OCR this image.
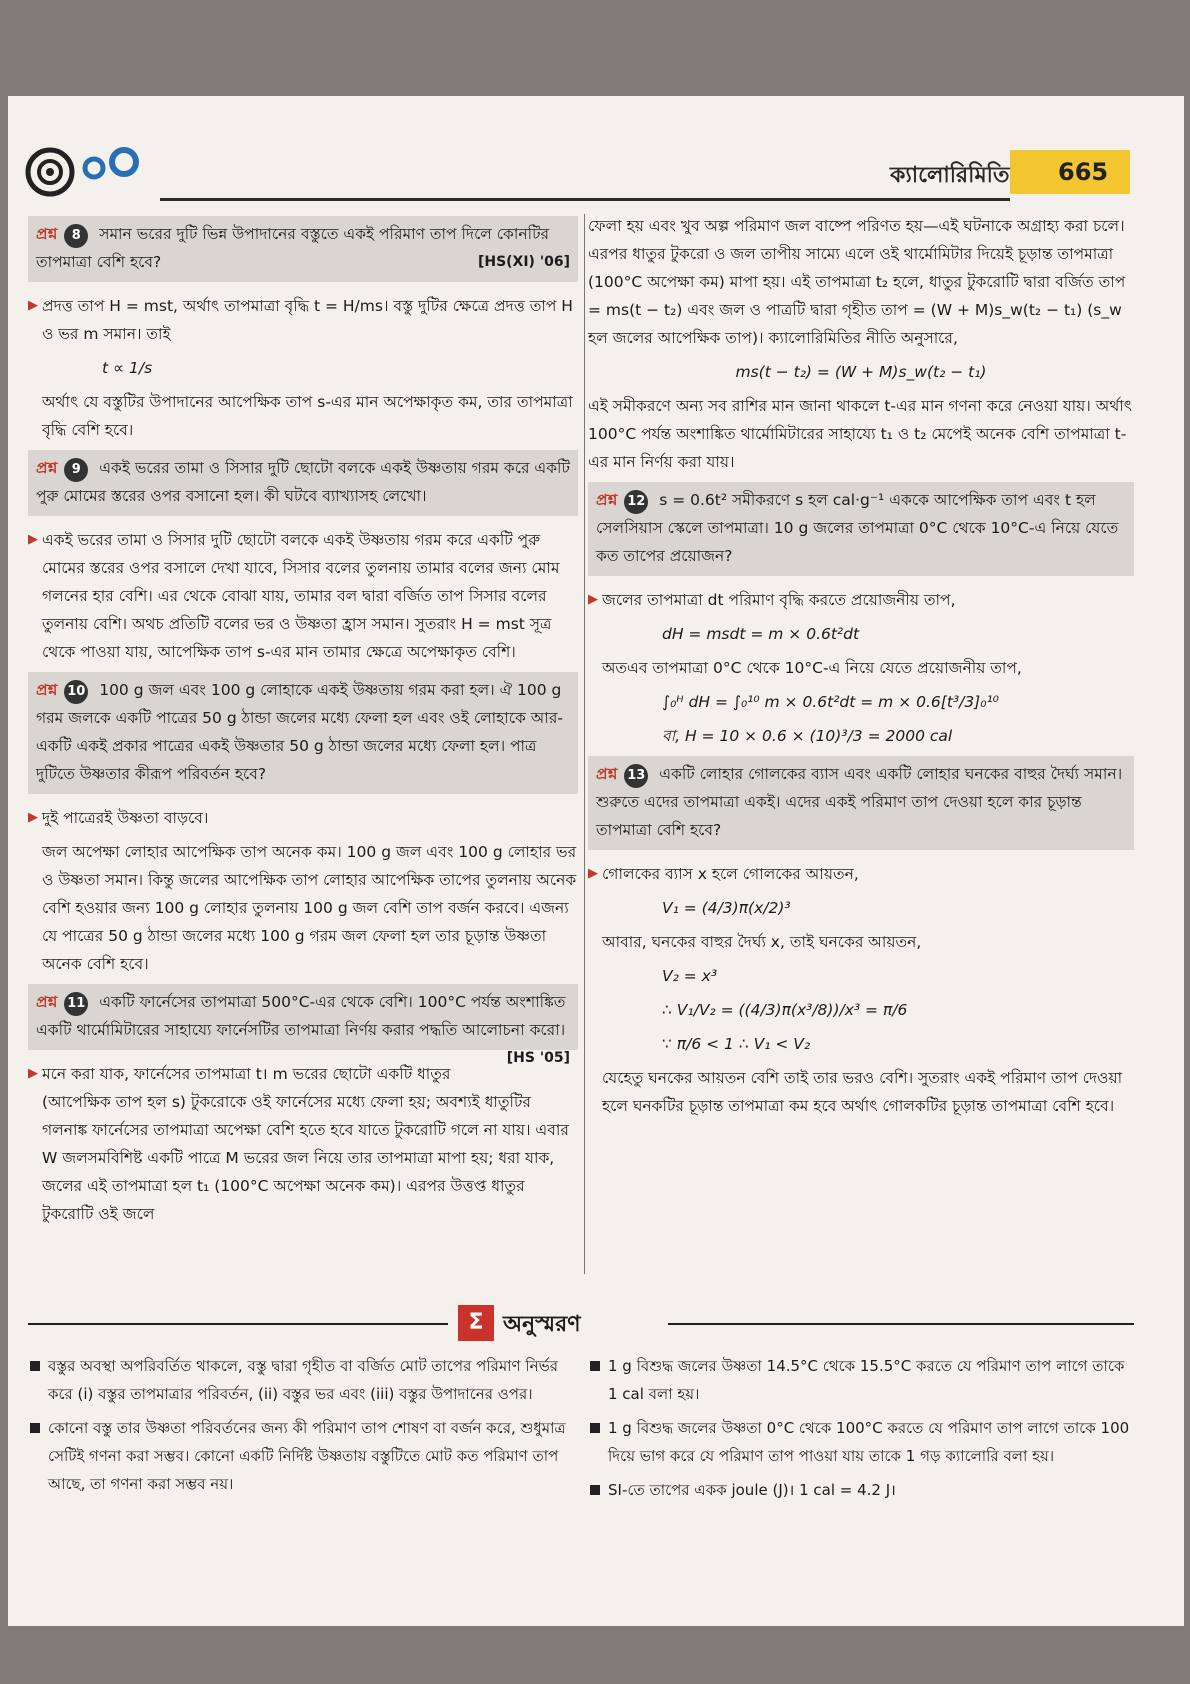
ক্যালোরিমিতি 665
প্রশ্ন 8 সমান ভরের দুটি ভিন্ন উপাদানের বস্তুতে একই পরিমাণ তাপ দিলে কোনটির তাপমাত্রা বেশি হবে?	[HS(XI) '06]
▶ প্রদত্ত তাপ H = mst, অর্থাৎ তাপমাত্রা বৃদ্ধি t = H/ms। বস্তু দুটির ক্ষেত্রে প্রদত্ত তাপ H ও ভর m সমান। তাই

t ∝ 1/s

অর্থাৎ যে বস্তুটির উপাদানের আপেক্ষিক তাপ s-এর মান অপেক্ষাকৃত কম, তার তাপমাত্রা বৃদ্ধি বেশি হবে।

প্রশ্ন 9 একই ভরের তামা ও সিসার দুটি ছোটো বলকে একই উষ্ণতায় গরম করে একটি পুরু মোমের স্তরের ওপর বসানো হল। কী ঘটবে ব্যাখ্যাসহ লেখো।
▶ একই ভরের তামা ও সিসার দুটি ছোটো বলকে একই উষ্ণতায় গরম করে একটি পুরু মোমের স্তরের ওপর বসালে দেখা যাবে, সিসার বলের তুলনায় তামার বলের জন্য মোম গলনের হার বেশি। এর থেকে বোঝা যায়, তামার বল দ্বারা বর্জিত তাপ সিসার বলের তুলনায় বেশি। অথচ প্রতিটি বলের ভর ও উষ্ণতা হ্রাস সমান। সুতরাং H = mst সূত্র থেকে পাওয়া যায়, আপেক্ষিক তাপ s-এর মান তামার ক্ষেত্রে অপেক্ষাকৃত বেশি।

প্রশ্ন 10 100 g জল এবং 100 g লোহাকে একই উষ্ণতায় গরম করা হল। ঐ 100 g গরম জলকে একটি পাত্রের 50 g ঠান্ডা জলের মধ্যে ফেলা হল এবং ওই লোহাকে আর-একটি একই প্রকার পাত্রের একই উষ্ণতার 50 g ঠান্ডা জলের মধ্যে ফেলা হল। পাত্র দুটিতে উষ্ণতার কীরূপ পরিবর্তন হবে?
▶ দুই পাত্রেরই উষ্ণতা বাড়বে।

জল অপেক্ষা লোহার আপেক্ষিক তাপ অনেক কম। 100 g জল এবং 100 g লোহার ভর ও উষ্ণতা সমান। কিন্তু জলের আপেক্ষিক তাপ লোহার আপেক্ষিক তাপের তুলনায় অনেক বেশি হওয়ার জন্য 100 g লোহার তুলনায় 100 g জল বেশি তাপ বর্জন করবে। এজন্য যে পাত্রের 50 g ঠান্ডা জলের মধ্যে 100 g গরম জল ফেলা হল তার চূড়ান্ত উষ্ণতা অনেক বেশি হবে।

প্রশ্ন 11 একটি ফার্নেসের তাপমাত্রা 500°C-এর থেকে বেশি। 100°C পর্যন্ত অংশাঙ্কিত একটি থার্মোমিটারের সাহায্যে ফার্নেসটির তাপমাত্রা নির্ণয় করার পদ্ধতি আলোচনা করো।
[HS '05]
▶ মনে করা যাক, ফার্নেসের তাপমাত্রা t। m ভরের ছোটো একটি ধাতুর (আপেক্ষিক তাপ হল s) টুকরোকে ওই ফার্নেসের মধ্যে ফেলা হয়; অবশ্যই ধাতুটির গলনাঙ্ক ফার্নেসের তাপমাত্রা অপেক্ষা বেশি হতে হবে যাতে টুকরোটি গলে না যায়। এবার W জলসমবিশিষ্ট একটি পাত্রে M ভরের জল নিয়ে তার তাপমাত্রা মাপা হয়; ধরা যাক, জলের এই তাপমাত্রা হল t₁ (100°C অপেক্ষা অনেক কম)। এরপর উত্তপ্ত ধাতুর টুকরোটি ওই জলে

ফেলা হয় এবং খুব অল্প পরিমাণ জল বাষ্পে পরিণত হয়—এই ঘটনাকে অগ্রাহ্য করা চলে। এরপর ধাতুর টুকরো ও জল তাপীয় সাম্যে এলে ওই থার্মোমিটার দিয়েই চূড়ান্ত তাপমাত্রা (100°C অপেক্ষা কম) মাপা হয়। এই তাপমাত্রা t₂ হলে, ধাতুর টুকরোটি দ্বারা বর্জিত তাপ = ms(t − t₂) এবং জল ও পাত্রটি দ্বারা গৃহীত তাপ = (W + M)s_w(t₂ − t₁) (s_w হল জলের আপেক্ষিক তাপ)। ক্যালোরিমিতির নীতি অনুসারে,

ms(t − t₂) = (W + M)s_w(t₂ − t₁)

এই সমীকরণে অন্য সব রাশির মান জানা থাকলে t-এর মান গণনা করে নেওয়া যায়। অর্থাৎ 100°C পর্যন্ত অংশাঙ্কিত থার্মোমিটারের সাহায্যে t₁ ও t₂ মেপেই অনেক বেশি তাপমাত্রা t-এর মান নির্ণয় করা যায়।

প্রশ্ন 12 s = 0.6t² সমীকরণে s হল cal·g⁻¹ এককে আপেক্ষিক তাপ এবং t হল সেলসিয়াস স্কেলে তাপমাত্রা। 10 g জলের তাপমাত্রা 0°C থেকে 10°C-এ নিয়ে যেতে কত তাপের প্রয়োজন?
▶ জলের তাপমাত্রা dt পরিমাণ বৃদ্ধি করতে প্রয়োজনীয় তাপ,

dH = msdt = m × 0.6t²dt

অতএব তাপমাত্রা 0°C থেকে 10°C-এ নিয়ে যেতে প্রয়োজনীয় তাপ,

∫₀ᴴ dH = ∫₀¹⁰ m × 0.6t²dt = m × 0.6[t³/3]₀¹⁰

বা, H = 10 × 0.6 × (10)³/3 = 2000 cal

প্রশ্ন 13 একটি লোহার গোলকের ব্যাস এবং একটি লোহার ঘনকের বাহুর দৈর্ঘ্য সমান। শুরুতে এদের তাপমাত্রা একই। এদের একই পরিমাণ তাপ দেওয়া হলে কার চূড়ান্ত তাপমাত্রা বেশি হবে?
▶ গোলকের ব্যাস x হলে গোলকের আয়তন,

V₁ = (4/3)π(x/2)³

আবার, ঘনকের বাহুর দৈর্ঘ্য x, তাই ঘনকের আয়তন,

V₂ = x³

∴ V₁/V₂ = ((4/3)π(x³/8))/x³ = π/6

∵ π/6 < 1 ∴ V₁ < V₂

যেহেতু ঘনকের আয়তন বেশি তাই তার ভরও বেশি। সুতরাং একই পরিমাণ তাপ দেওয়া হলে ঘনকটির চূড়ান্ত তাপমাত্রা কম হবে অর্থাৎ গোলকটির চূড়ান্ত তাপমাত্রা বেশি হবে।

Σ অনুস্মরণ
বস্তুর অবস্থা অপরিবর্তিত থাকলে, বস্তু দ্বারা গৃহীত বা বর্জিত মোট তাপের পরিমাণ নির্ভর করে (i) বস্তুর তাপমাত্রার পরিবর্তন, (ii) বস্তুর ভর এবং (iii) বস্তুর উপাদানের ওপর।
কোনো বস্তু তার উষ্ণতা পরিবর্তনের জন্য কী পরিমাণ তাপ শোষণ বা বর্জন করে, শুধুমাত্র সেটিই গণনা করা সম্ভব। কোনো একটি নির্দিষ্ট উষ্ণতায় বস্তুটিতে মোট কত পরিমাণ তাপ আছে, তা গণনা করা সম্ভব নয়।
1 g বিশুদ্ধ জলের উষ্ণতা 14.5°C থেকে 15.5°C করতে যে পরিমাণ তাপ লাগে তাকে 1 cal বলা হয়।
1 g বিশুদ্ধ জলের উষ্ণতা 0°C থেকে 100°C করতে যে পরিমাণ তাপ লাগে তাকে 100 দিয়ে ভাগ করে যে পরিমাণ তাপ পাওয়া যায় তাকে 1 গড় ক্যালোরি বলা হয়।
SI-তে তাপের একক joule (J)। 1 cal = 4.2 J।
